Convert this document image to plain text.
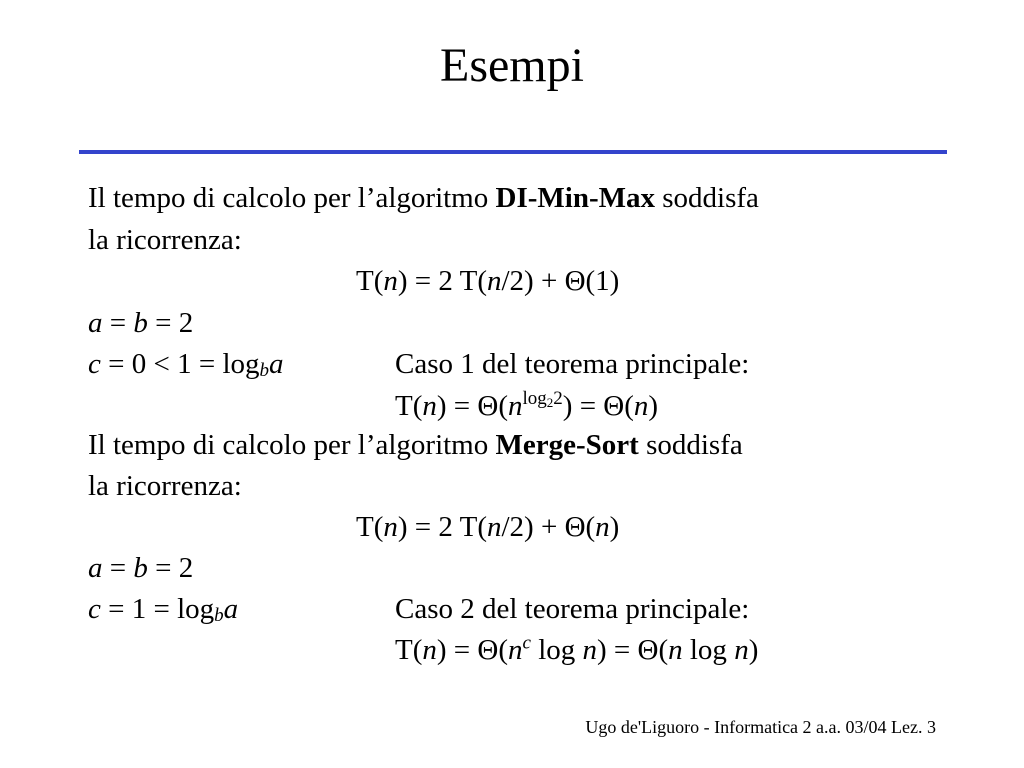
Esempi
Il tempo di calcolo per l’algoritmo DI-Min-Max soddisfa
la ricorrenza:
T(n) = 2 T(n/2) + Θ(1)
a = b = 2
c = 0 < 1 = logba	Caso 1 del teorema principale:
$T(n) = \Theta(n^{log22}) = \Theta(n)$
Il tempo di calcolo per l’algoritmo Merge-Sort soddisfa
la ricorrenza:
T(n) = 2 T(n/2) + Θ(n)
a = b = 2
c = 1 = logba	Caso 2 del teorema principale:
$T(n) = \Theta(n^c$ log n) = Θ(n log n)
Ugo de'Liguoro - Informatica 2 a.a. 03/04 Lez. 3
